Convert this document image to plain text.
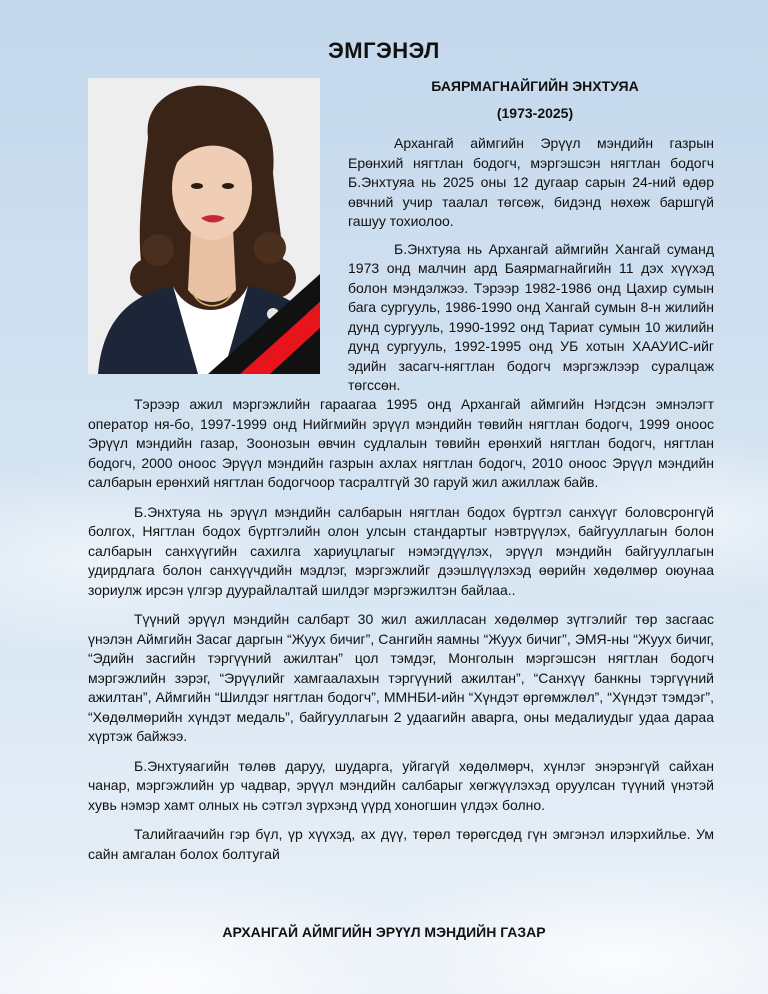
ЭМГЭНЭЛ

БАЯРМАГНАЙГИЙН ЭНХТУЯА

(1973-2025)

Архангай аймгийн Эрүүл мэндийн газрын Ерөнхий нягтлан бодогч, мэргэшсэн нягтлан бодогч Б.Энхтуяа нь 2025 оны 12 дугаар сарын 24-ний өдөр өвчний учир таалал төгсөж, бидэнд нөхөж баршгүй гашуу тохиолоо.

Б.Энхтуяа нь Архангай аймгийн Хангай суманд 1973 онд малчин ард Баярмагнайгийн 11 дэх хүүхэд болон мэндэлжээ. Тэрээр 1982-1986 онд Цахир сумын бага сургууль, 1986-1990 онд Хангай сумын 8-н жилийн дунд сургууль, 1990-1992 онд Тариат сумын 10 жилийн дунд сургууль, 1992-1995 онд УБ хотын ХААУИС-ийг эдийн засагч-нягтлан бодогч мэргэжлээр суралцаж төгссөн.

Тэрээр ажил мэргэжлийн гараагаа 1995 онд Архангай аймгийн Нэгдсэн эмнэлэгт оператор ня-бо, 1997-1999 онд Нийгмийн эрүүл мэндийн төвийн нягтлан бодогч, 1999 оноос Эрүүл мэндийн газар, Зоонозын өвчин судлалын төвийн ерөнхий нягтлан бодогч, нягтлан бодогч, 2000 оноос Эрүүл мэндийн газрын ахлах нягтлан бодогч, 2010 оноос Эрүүл мэндийн салбарын ерөнхий нягтлан бодогчоор тасралтгүй 30 гаруй жил ажиллаж байв.

Б.Энхтуяа нь эрүүл мэндийн салбарын нягтлан бодох бүртгэл санхүүг боловсронгүй болгох, Нягтлан бодох бүртгэлийн олон улсын стандартыг нэвтрүүлэх, байгууллагын болон салбарын санхүүгийн сахилга хариуцлагыг нэмэгдүүлэх, эрүүл мэндийн байгууллагын удирдлага болон санхүүчдийн мэдлэг, мэргэжлийг дээшлүүлэхэд өөрийн хөдөлмөр оюунаа зориулж ирсэн үлгэр дуурайлалтай шилдэг мэргэжилтэн байлаа..

Түүний эрүүл мэндийн салбарт 30 жил ажилласан хөдөлмөр зүтгэлийг төр засгаас үнэлэн Аймгийн Засаг даргын “Жуух бичиг”, Сангийн яамны “Жуух бичиг”, ЭМЯ-ны “Жуух бичиг, “Эдийн засгийн тэргүүний ажилтан” цол тэмдэг, Монголын мэргэшсэн нягтлан бодогч мэргэжлийн зэрэг, “Эрүүлийг хамгаалахын тэргүүний ажилтан”, “Санхүү банкны тэргүүний ажилтан”, Аймгийн “Шилдэг нягтлан бодогч”, ММНБИ-ийн “Хүндэт өргөмжлөл”, “Хүндэт тэмдэг”, “Хөдөлмөрийн хүндэт медаль”, байгууллагын 2 удаагийн аварга, оны медалиудыг удаа дараа хүртэж байжээ.

Б.Энхтуяагийн төлөв даруу, шударга, уйгагүй хөдөлмөрч, хүнлэг энэрэнгүй сайхан чанар, мэргэжлийн ур чадвар, эрүүл мэндийн салбарыг хөгжүүлэхэд оруулсан түүний үнэтэй хувь нэмэр хамт олных нь сэтгэл зүрхэнд үүрд хоногшин үлдэх болно.

Талийгаачийн гэр бүл, үр хүүхэд, ах дүү, төрөл төрөгсдөд гүн эмгэнэл илэрхийлье. Ум сайн амгалан болох болтугай

АРХАНГАЙ АЙМГИЙН ЭРҮҮЛ МЭНДИЙН ГАЗАР
